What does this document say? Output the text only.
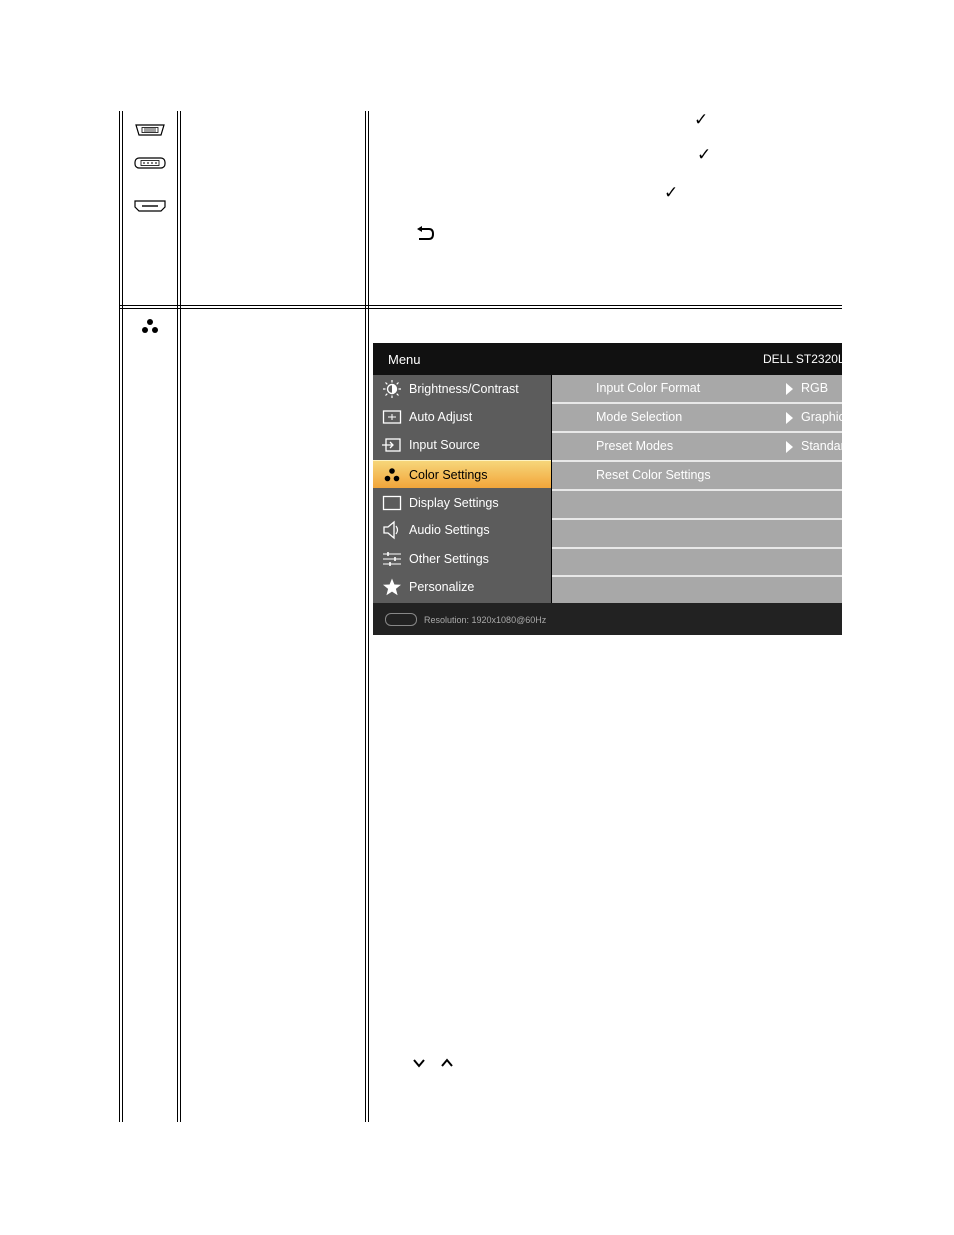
✓
✓
✓
Menu	DELL ST2320L
Brightness/Contrast
Auto Adjust
Input Source
Color Settings
Display Settings
Audio Settings
Other Settings
Personalize
Input Color Format	RGB
Mode Selection	Graphics
Preset Modes	Standard
Reset Color Settings
Resolution: 1920x1080@60Hz
